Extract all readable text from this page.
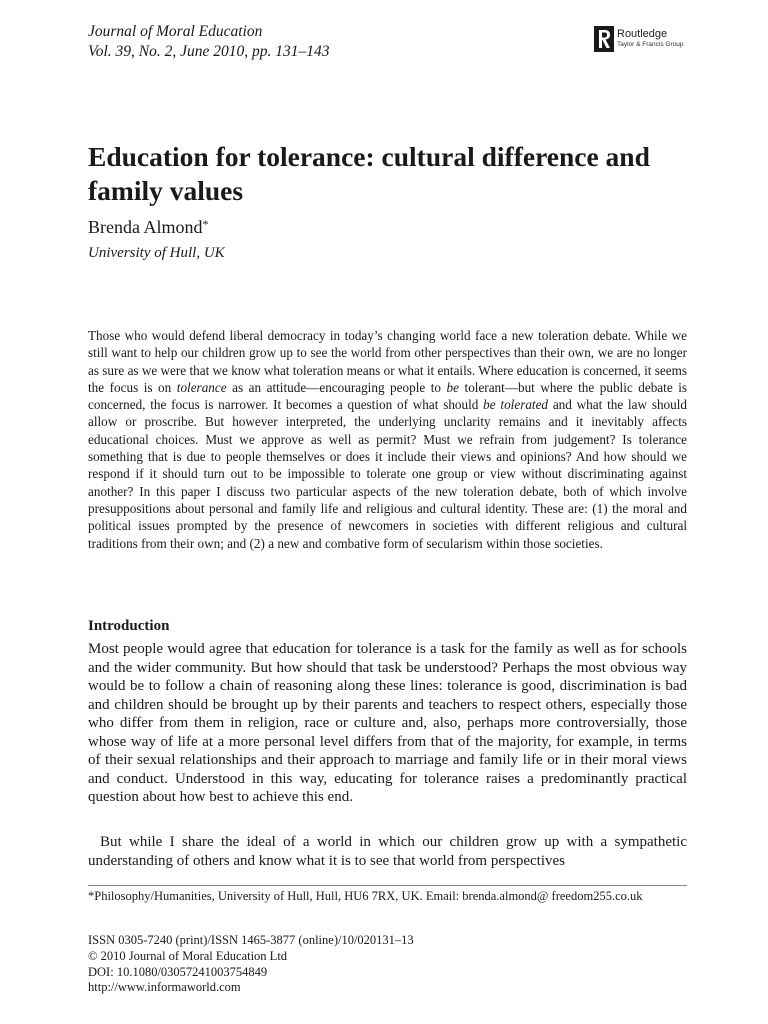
Journal of Moral Education
Vol. 39, No. 2, June 2010, pp. 131–143
Routledge
Taylor & Francis Group
Education for tolerance: cultural difference and family values
Brenda Almond*
University of Hull, UK

Those who would defend liberal democracy in today’s changing world face a new toleration debate. While we still want to help our children grow up to see the world from other perspectives than their own, we are no longer as sure as we were that we know what toleration means or what it entails. Where education is concerned, it seems the focus is on tolerance as an attitude—encouraging people to be tolerant—but where the public debate is concerned, the focus is narrower. It becomes a question of what should be tolerated and what the law should allow or proscribe. But however interpreted, the underlying unclarity remains and it inevitably affects educational choices. Must we approve as well as permit? Must we refrain from judgement? Is tolerance something that is due to people themselves or does it include their views and opinions? And how should we respond if it should turn out to be impossible to tolerate one group or view without discriminating against another? In this paper I discuss two particular aspects of the new toleration debate, both of which involve presuppositions about personal and family life and religious and cultural identity. These are: (1) the moral and political issues prompted by the presence of newcomers in societies with different religious and cultural traditions from their own; and (2) a new and combative form of secularism within those societies.

Introduction

Most people would agree that education for tolerance is a task for the family as well as for schools and the wider community. But how should that task be understood? Perhaps the most obvious way would be to follow a chain of reasoning along these lines: tolerance is good, discrimination is bad and children should be brought up by their parents and teachers to respect others, especially those who differ from them in religion, race or culture and, also, perhaps more controversially, those whose way of life at a more personal level differs from that of the majority, for example, in terms of their sexual relationships and their approach to marriage and family life or in their moral views and conduct. Understood in this way, educating for tolerance raises a predominantly practical question about how best to achieve this end.

But while I share the ideal of a world in which our children grow up with a sympathetic understanding of others and know what it is to see that world from perspectives

*Philosophy/Humanities, University of Hull, Hull, HU6 7RX, UK. Email: brenda.almond@ freedom255.co.uk

ISSN 0305-7240 (print)/ISSN 1465-3877 (online)/10/020131–13
© 2010 Journal of Moral Education Ltd
DOI: 10.1080/03057241003754849
http://www.informaworld.com
